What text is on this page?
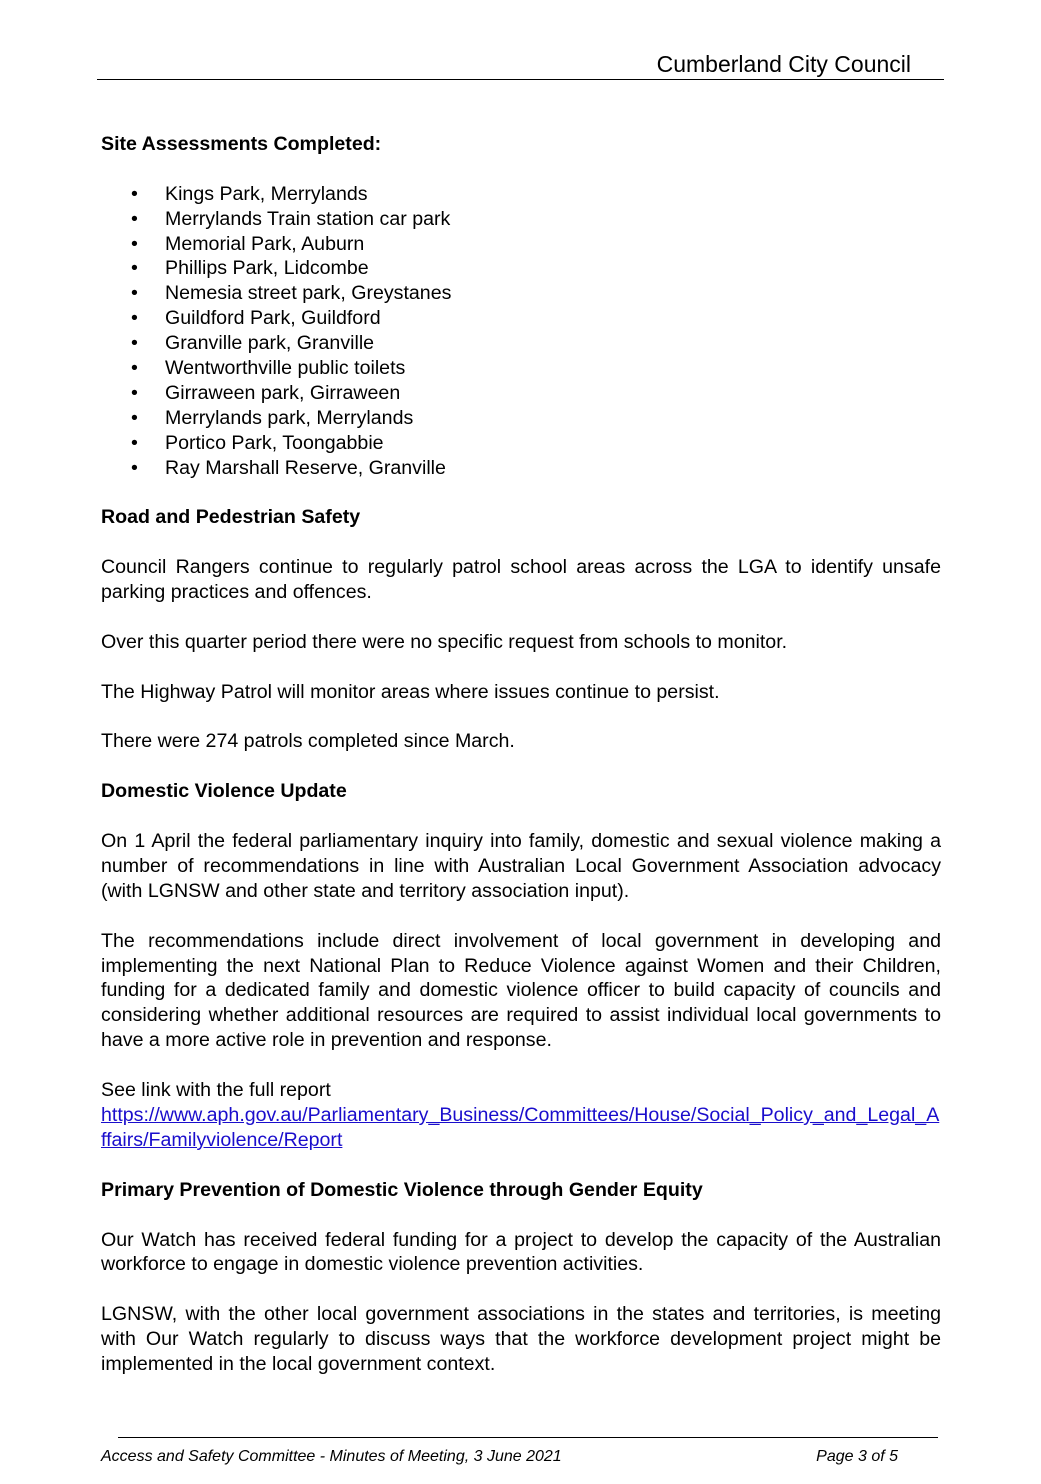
Cumberland City Council
Site Assessments Completed:
• Kings Park, Merrylands
• Merrylands Train station car park
• Memorial Park, Auburn
• Phillips Park, Lidcombe
• Nemesia street park, Greystanes
• Guildford Park, Guildford
• Granville park, Granville
• Wentworthville public toilets
• Girraween park, Girraween
• Merrylands park, Merrylands
• Portico Park, Toongabbie
• Ray Marshall Reserve, Granville
Road and Pedestrian Safety

Council Rangers continue to regularly patrol school areas across the LGA to identify unsafe parking practices and offences.

Over this quarter period there were no specific request from schools to monitor.

The Highway Patrol will monitor areas where issues continue to persist.

There were 274 patrols completed since March.

Domestic Violence Update

On 1 April the federal parliamentary inquiry into family, domestic and sexual violence making a number of recommendations in line with Australian Local Government Association advocacy (with LGNSW and other state and territory association input).

The recommendations include direct involvement of local government in developing and implementing the next National Plan to Reduce Violence against Women and their Children, funding for a dedicated family and domestic violence officer to build capacity of councils and considering whether additional resources are required to assist individual local governments to have a more active role in prevention and response.

See link with the full report
https://www.aph.gov.au/Parliamentary_Business/Committees/House/Social_Policy_and_Legal_Affairs/Familyviolence/Report

Primary Prevention of Domestic Violence through Gender Equity

Our Watch has received federal funding for a project to develop the capacity of the Australian workforce to engage in domestic violence prevention activities.

LGNSW, with the other local government associations in the states and territories, is meeting with Our Watch regularly to discuss ways that the workforce development project might be implemented in the local government context.

Access and Safety Committee - Minutes of Meeting, 3 June 2021	Page 3 of 5
